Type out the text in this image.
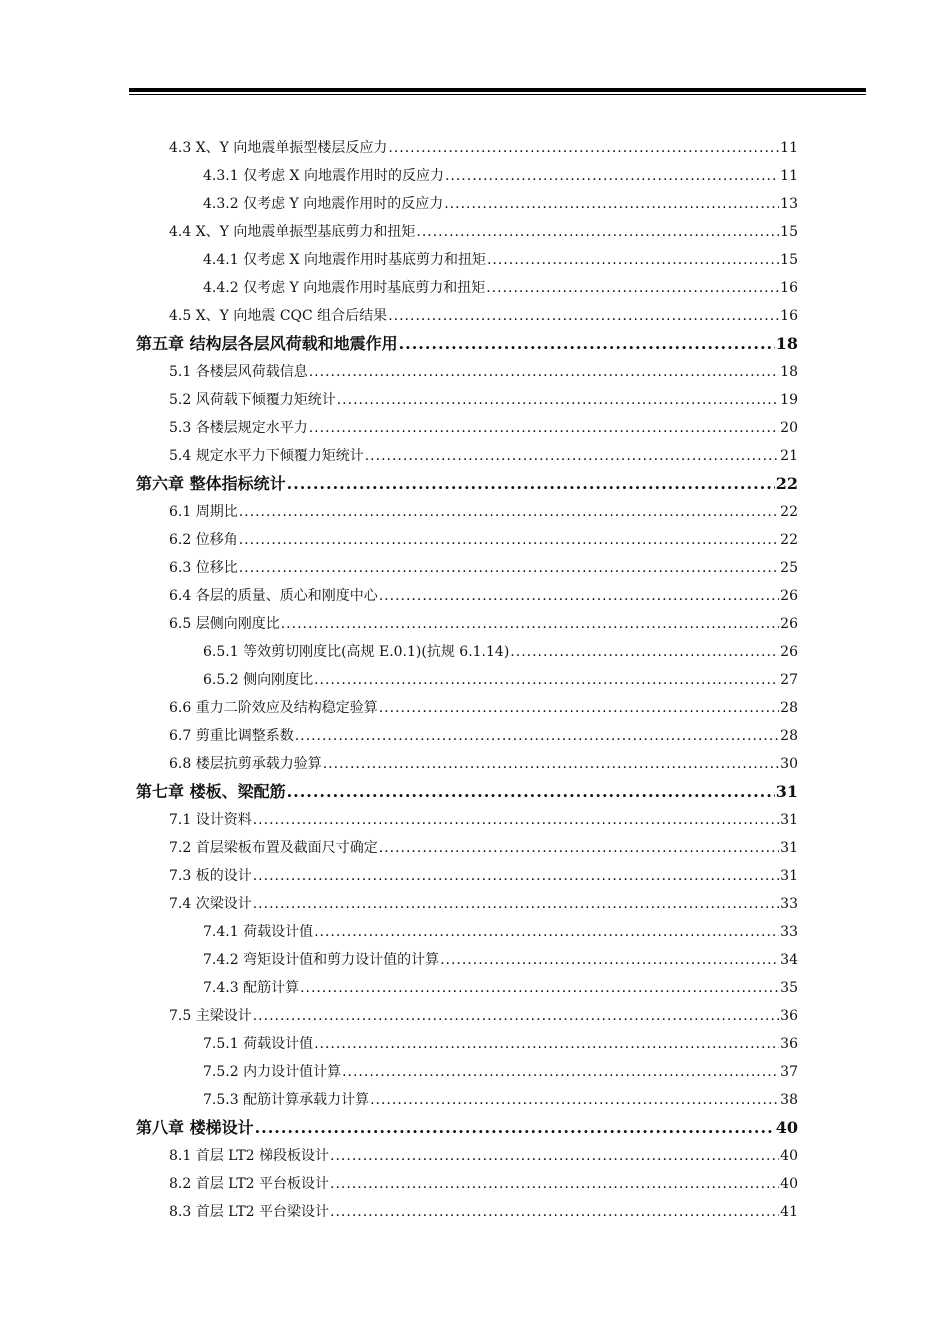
4.3 X、Y 向地震单振型楼层反应力 .....	11
4.3.1 仅考虑 X 向地震作用时的反应力 .....	11
4.3.2 仅考虑 Y 向地震作用时的反应力 .....	13
4.4 X、Y 向地震单振型基底剪力和扭矩 .....	15
4.4.1 仅考虑 X 向地震作用时基底剪力和扭矩 .....	15
4.4.2 仅考虑 Y 向地震作用时基底剪力和扭矩 .....	16
4.5 X、Y 向地震 CQC 组合后结果 .....	16
第五章 结构层各层风荷载和地震作用 .....	18
5.1 各楼层风荷载信息 .....	18
5.2 风荷载下倾覆力矩统计 .....	19
5.3 各楼层规定水平力 .....	20
5.4 规定水平力下倾覆力矩统计 .....	21
第六章 整体指标统计 .....	22
6.1 周期比 .....	22
6.2 位移角 .....	22
6.3 位移比 .....	25
6.4 各层的质量、质心和刚度中心 .....	26
6.5 层侧向刚度比 .....	26
6.5.1 等效剪切刚度比(高规 E.0.1)(抗规 6.1.14) .....	26
6.5.2 侧向刚度比 .....	27
6.6 重力二阶效应及结构稳定验算 .....	28
6.7 剪重比调整系数 .....	28
6.8 楼层抗剪承载力验算 .....	30
第七章 楼板、梁配筋 .....	31
7.1 设计资料 .....	31
7.2 首层梁板布置及截面尺寸确定 .....	31
7.3 板的设计 .....	31
7.4 次梁设计 .....	33
7.4.1 荷载设计值 .....	33
7.4.2 弯矩设计值和剪力设计值的计算 .....	34
7.4.3 配筋计算 .....	35
7.5 主梁设计 .....	36
7.5.1 荷载设计值 .....	36
7.5.2 内力设计值计算 .....	37
7.5.3 配筋计算承载力计算 .....	38
第八章 楼梯设计 .....	40
8.1 首层 LT2 梯段板设计 .....	40
8.2 首层 LT2 平台板设计 .....	40
8.3 首层 LT2 平台梁设计 .....	41
